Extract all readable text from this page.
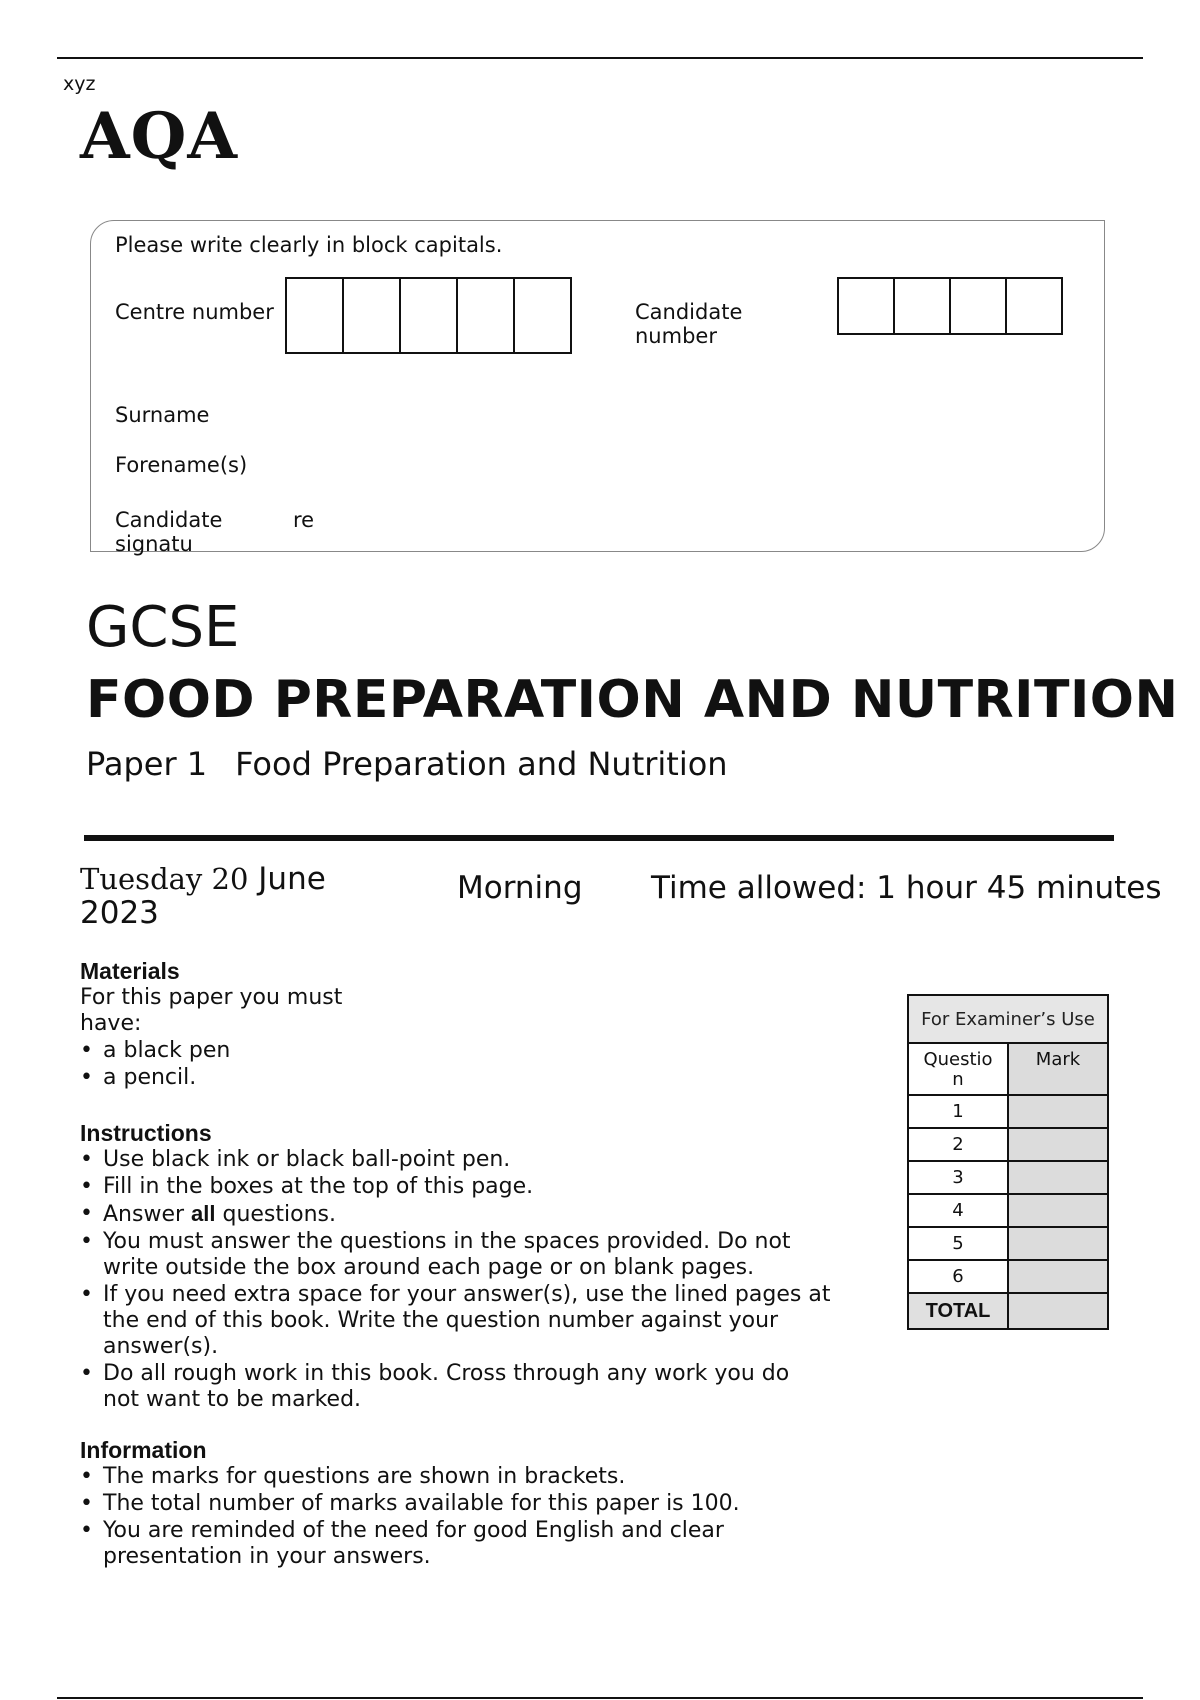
xyz
AQA
Please write clearly in block capitals.
Centre number	Candidate number
Surname
Forename(s)
Candidate signatu
re
GCSE
FOOD PREPARATION AND NUTRITION
Paper 1 Food Preparation and Nutrition
Tuesday 20 June 2023
Morning Time allowed: 1 hour 45 minutes
Materials
For this paper you must have:
• a black pen
• a pencil.
Instructions
• Use black ink or black ball-point pen.
• Fill in the boxes at the top of this page.
• Answer all questions.
• You must answer the questions in the spaces provided. Do not write outside the box around each page or on blank pages.
• If you need extra space for your answer(s), use the lined pages at the end of this book. Write the question number against your answer(s).
• Do all rough work in this book. Cross through any work you do not want to be marked.
Information
• The marks for questions are shown in brackets.
• The total number of marks available for this paper is 100.
• You are reminded of the need for good English and clear presentation in your answers.
For Examiner’s Use	

Question	Mark
1	
2	
3	
4	
5	
6	
TOTAL	
